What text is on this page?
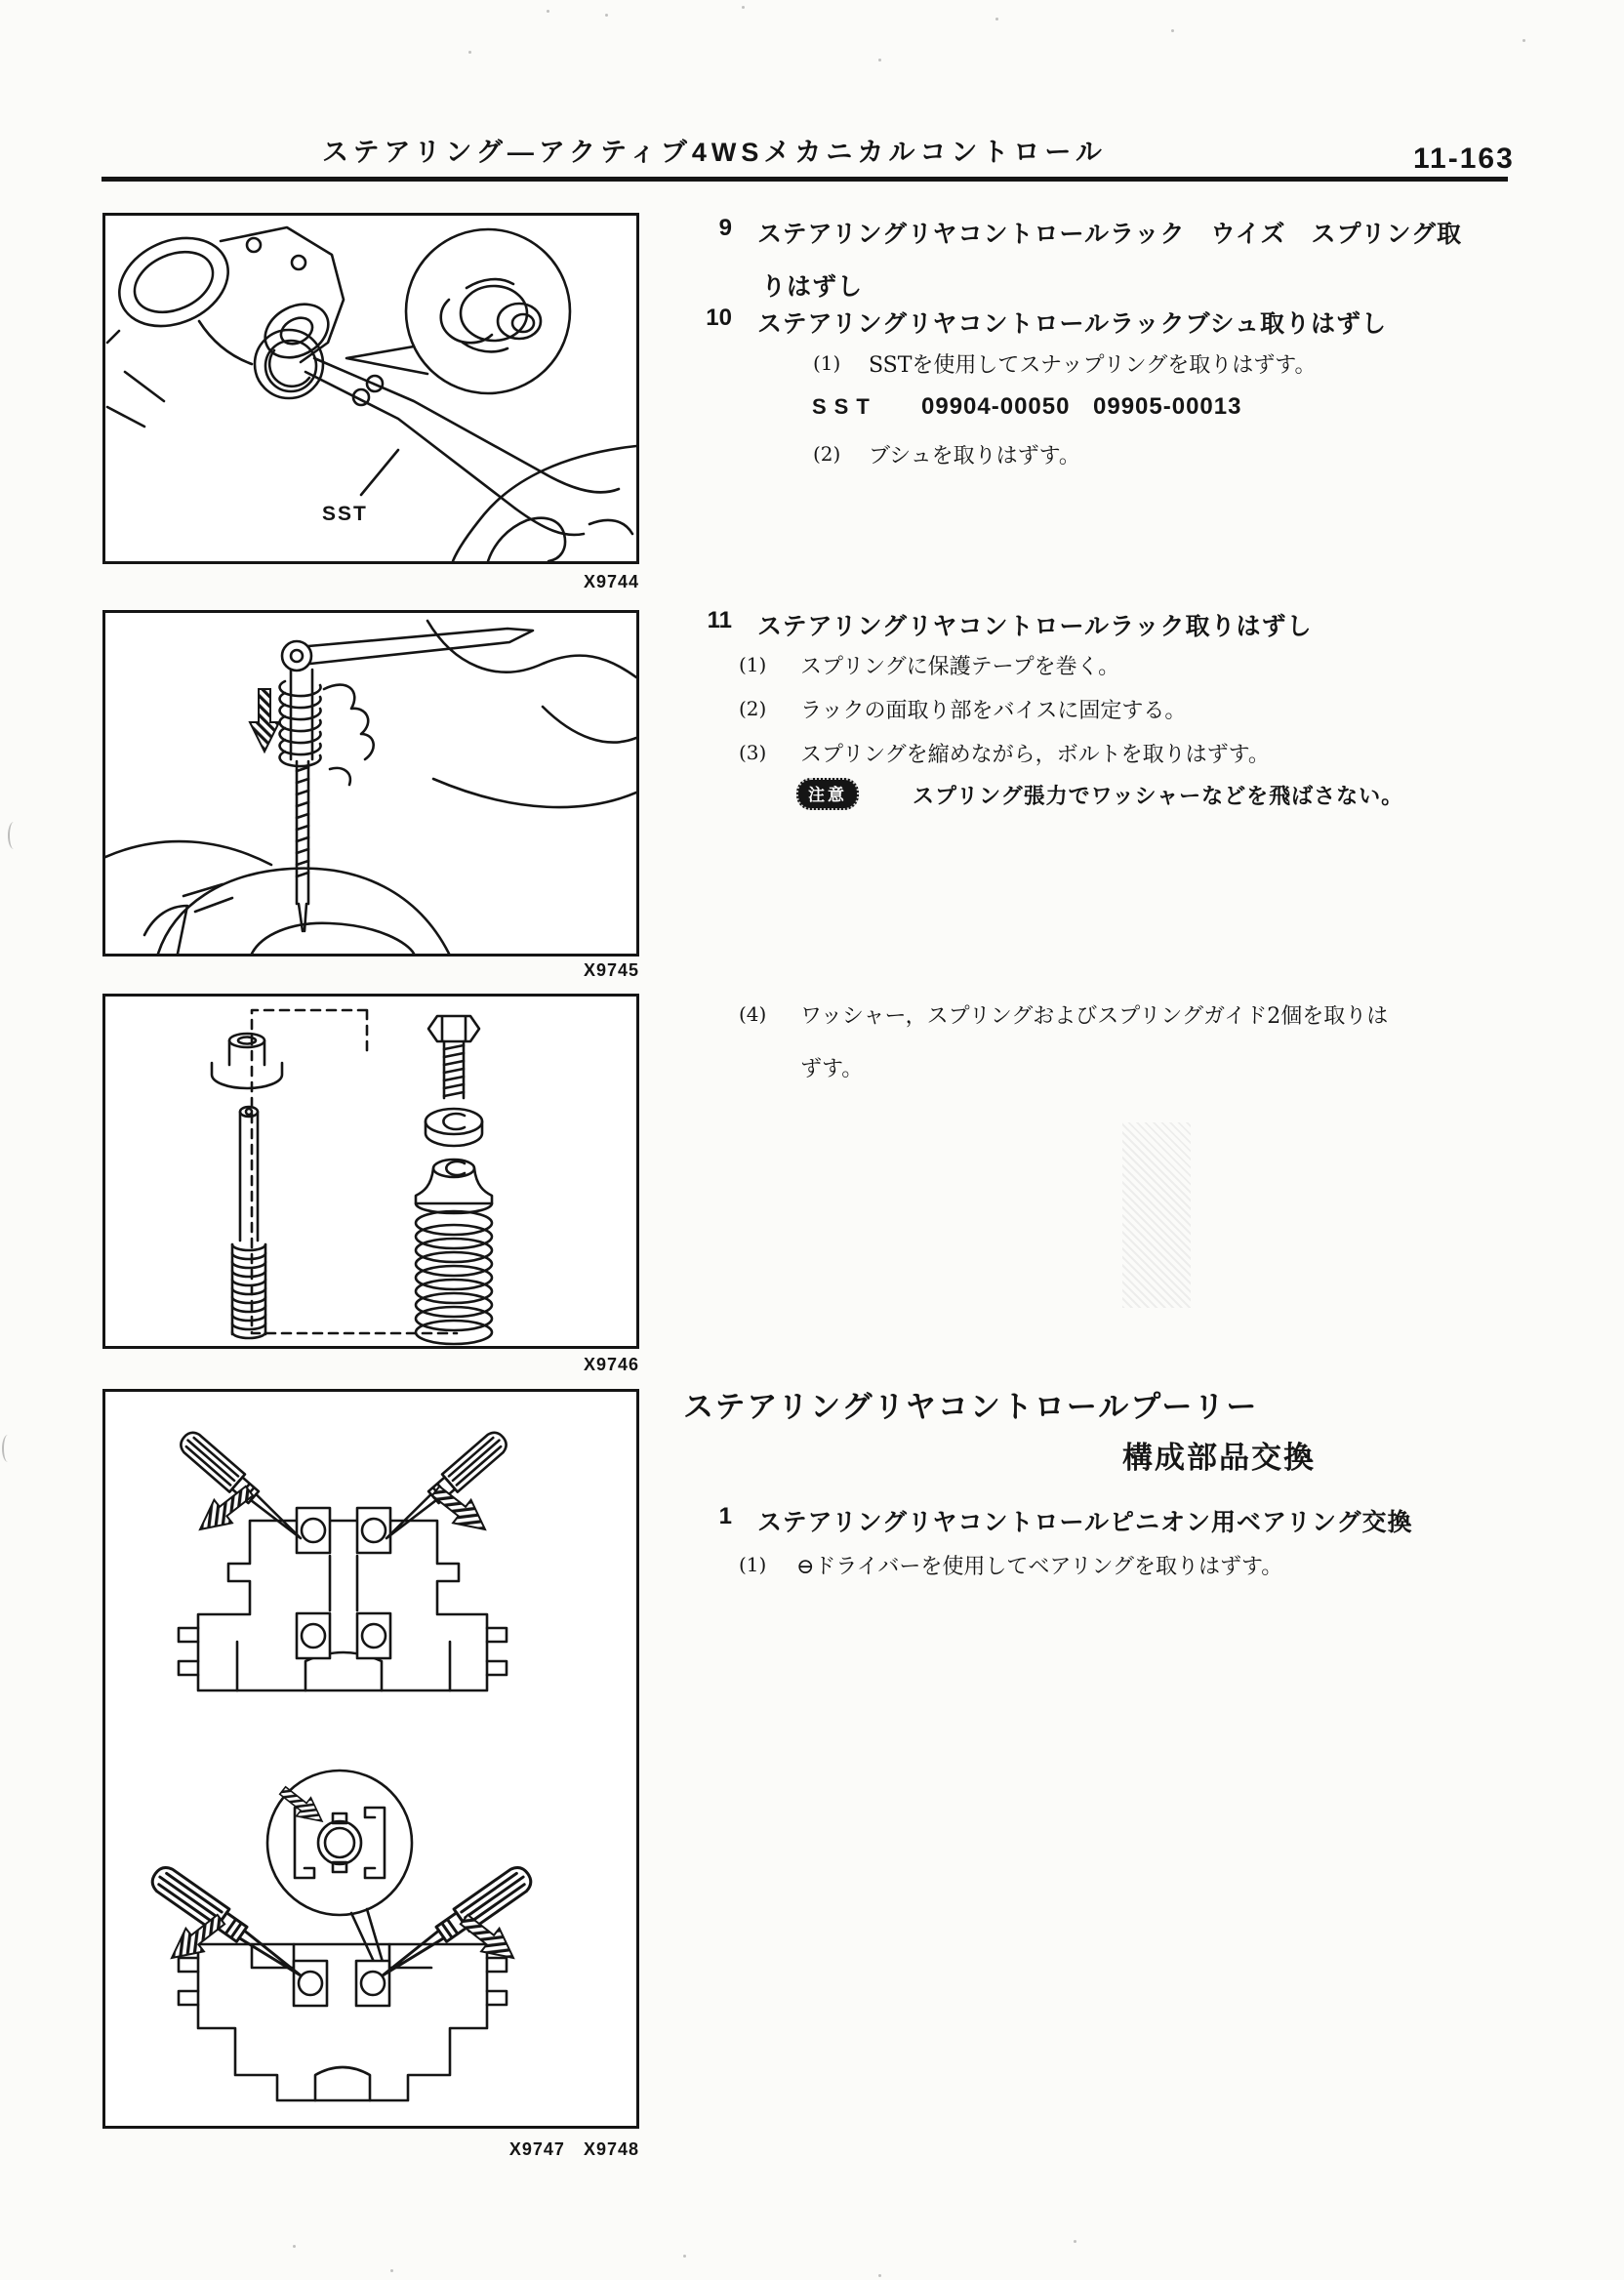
ステアリング―アクティブ4WSメカニカルコントロール	11-163
SST
X9744
X9745
X9746
X9747　X9748
9 ステアリングリヤコントロールラック　ウイズ　スプリング取
りはずし
10 ステアリングリヤコントロールラックブシュ取りはずし
(1) SSTを使用してスナップリングを取りはずす。
SST 09904-00050 09905-00013
(2) ブシュを取りはずす。
11 ステアリングリヤコントロールラック取りはずし
(1) スプリングに保護テープを巻く。
(2) ラックの面取り部をバイスに固定する。
(3) スプリングを縮めながら，ボルトを取りはずす。
注意	スプリング張力でワッシャーなどを飛ばさない。
(4) ワッシャー，スプリングおよびスプリングガイド2個を取りは
ずす。
ステアリングリヤコントロールプーリー
構成部品交換
1 ステアリングリヤコントロールピニオン用ベアリング交換
(1) ⊖ドライバーを使用してベアリングを取りはずす。
